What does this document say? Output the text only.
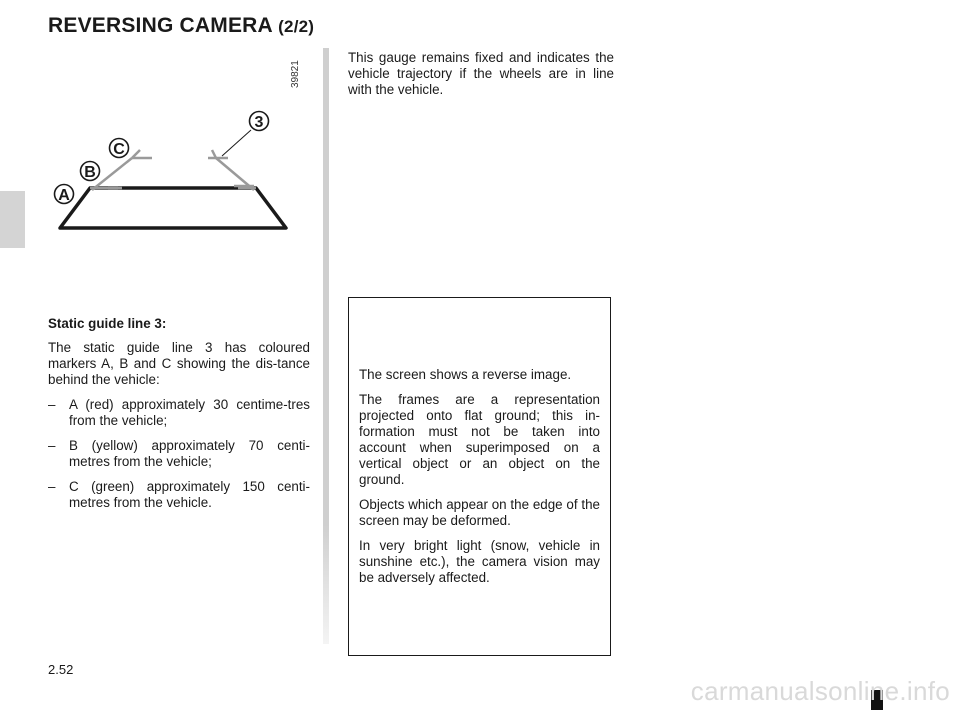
REVERSING CAMERA (2/2)
39821
A
B
C
3
This gauge remains fixed and indicates the vehicle trajectory if the wheels are in line with the vehicle.

Static guide line 3:

The static guide line 3 has coloured markers A, B and C showing the dis-tance behind the vehicle:

– A (red) approximately 30 centime-tres from the vehicle;
– B (yellow) approximately 70 centi-metres from the vehicle;
– C (green) approximately 150 centi-metres from the vehicle.

The screen shows a reverse image.

The frames are a representation projected onto flat ground; this in-formation must not be taken into account when superimposed on a vertical object or an object on the ground.

Objects which appear on the edge of the screen may be deformed.

In very bright light (snow, vehicle in sunshine etc.), the camera vision may be adversely affected.

2.52
carmanualsonline.info
